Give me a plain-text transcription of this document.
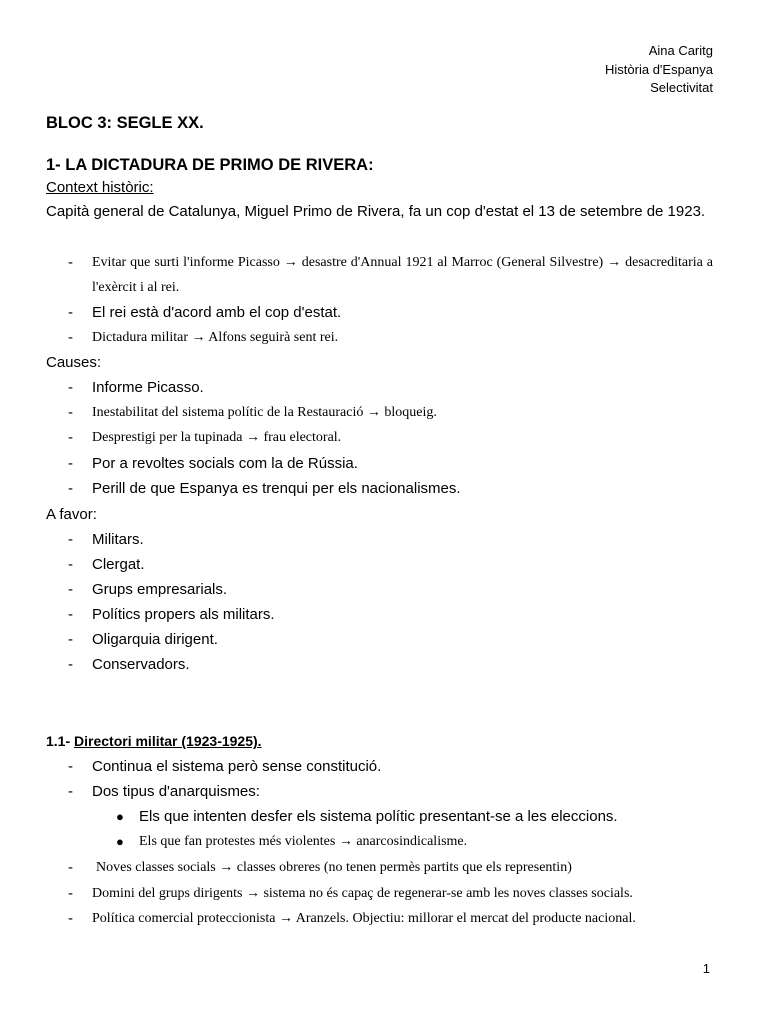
Aina Caritg
Història d'Espanya
Selectivitat
BLOC 3: SEGLE XX.
1- LA DICTADURA DE PRIMO DE RIVERA:
Context històric:
Capità general de Catalunya, Miguel Primo de Rivera, fa un cop d'estat el 13 de setembre de 1923.
- Evitar que surti l'informe Picasso → desastre d'Annual 1921 al Marroc (General Silvestre) → desacreditaria a l'exèrcit i al rei.
- El rei està d'acord amb el cop d'estat.
- Dictadura militar → Alfons seguirà sent rei.
Causes:
- Informe Picasso.
- Inestabilitat del sistema polític de la Restauració → bloqueig.
- Desprestigi per la tupinada → frau electoral.
- Por a revoltes socials com la de Rússia.
- Perill de que Espanya es trenqui per els nacionalismes.
A favor:
- Militars.
- Clergat.
- Grups empresarials.
- Polítics propers als militars.
- Oligarquia dirigent.
- Conservadors.
1.1- Directori militar (1923-1925).
- Continua el sistema però sense constitució.
- Dos tipus d'anarquismes:
● Els que intenten desfer els sistema polític presentant-se a les eleccions.
● Els que fan protestes més violentes → anarcosindicalisme.
- Noves classes socials → classes obreres (no tenen permès partits que els representin)
- Domini del grups dirigents → sistema no és capaç de regenerar-se amb les noves classes socials.
- Política comercial proteccionista → Aranzels. Objectiu: millorar el mercat del producte nacional.
1
